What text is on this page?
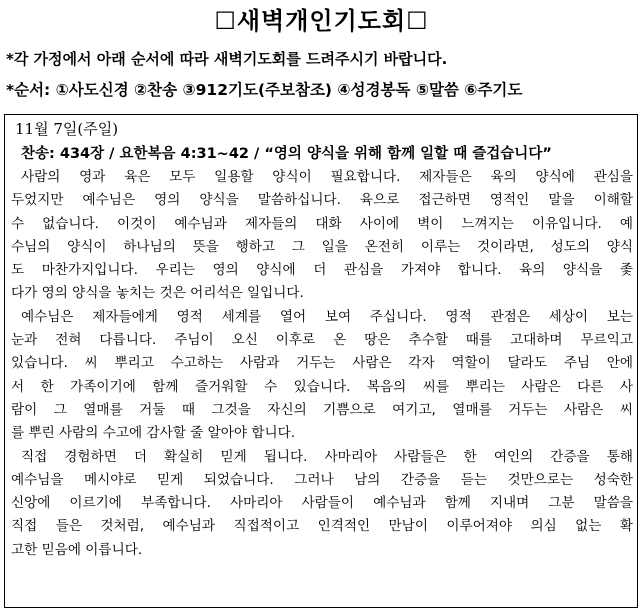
☐새벽개인기도회☐
*각 가정에서 아래 순서에 따라 새벽기도회를 드려주시기 바랍니다.
*순서: ①사도신경 ②찬송 ③912기도(주보참조) ④성경봉독 ⑤말씀 ⑥주기도
11월 7일(주일)
찬송: 434장 / 요한복음 4:31~42 / “영의 양식을 위해 함께 일할 때 즐겁습니다”
사람의 영과 육은 모두 일용할 양식이 필요합니다. 제자들은 육의 양식에 관심을
두었지만 예수님은 영의 양식을 말씀하십니다. 육으로 접근하면 영적인 말을 이해할
수 없습니다. 이것이 예수님과 제자들의 대화 사이에 벽이 느껴지는 이유입니다. 예
수님의 양식이 하나님의 뜻을 행하고 그 일을 온전히 이루는 것이라면, 성도의 양식
도 마찬가지입니다. 우리는 영의 양식에 더 관심을 가져야 합니다. 육의 양식을 좇
다가 영의 양식을 놓치는 것은 어리석은 일입니다.
예수님은 제자들에게 영적 세계를 열어 보여 주십니다. 영적 관점은 세상이 보는
눈과 전혀 다릅니다. 주님이 오신 이후로 온 땅은 추수할 때를 고대하며 무르익고
있습니다. 씨 뿌리고 수고하는 사람과 거두는 사람은 각자 역할이 달라도 주님 안에
서 한 가족이기에 함께 즐거워할 수 있습니다. 복음의 씨를 뿌리는 사람은 다른 사
람이 그 열매를 거둘 때 그것을 자신의 기쁨으로 여기고, 열매를 거두는 사람은 씨
를 뿌린 사람의 수고에 감사할 줄 알아야 합니다.
직접 경험하면 더 확실히 믿게 됩니다. 사마리아 사람들은 한 여인의 간증을 통해
예수님을 메시야로 믿게 되었습니다. 그러나 남의 간증을 듣는 것만으로는 성숙한
신앙에 이르기에 부족합니다. 사마리아 사람들이 예수님과 함께 지내며 그분 말씀을
직접 들은 것처럼, 예수님과 직접적이고 인격적인 만남이 이루어져야 의심 없는 확
고한 믿음에 이릅니다.
